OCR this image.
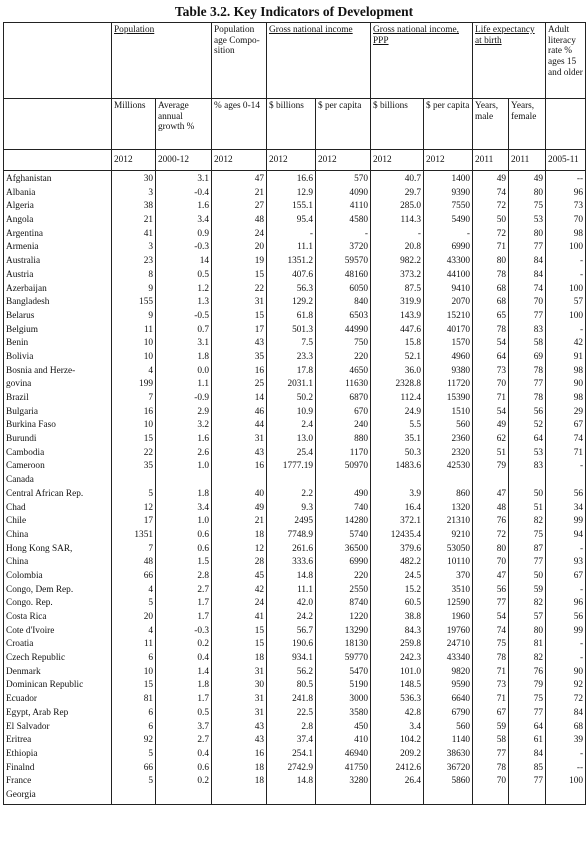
Table 3.2. Key Indicators of Development
	Population		Population age Compo-sition	Gross national income		Gross national income, PPP		Life expectancy at birth		Adult literacy rate % ages 15 and older
	Millions	Average annual growth %	% ages 0-14	$ billions	$ per capita	$ billions	$ per capita	Years, male	Years, female	
	2012	2000-12	2012	2012	2012	2012	2012	2011	2011	2005-11
Afghanistan	30	3.1	47	16.6	570	40.7	1400	49	49	--
Albania	3	-0.4	21	12.9	4090	29.7	9390	74	80	96
Algeria	38	1.6	27	155.1	4110	285.0	7550	72	75	73
Angola	21	3.4	48	95.4	4580	114.3	5490	50	53	70
Argentina	41	0.9	24	-	-	-	-	72	80	98
Armenia	3	-0.3	20	11.1	3720	20.8	6990	71	77	100
Australia	23	14	19	1351.2	59570	982.2	43300	80	84	-
Austria	8	0.5	15	407.6	48160	373.2	44100	78	84	-
Azerbaijan	9	1.2	22	56.3	6050	87.5	9410	68	74	100
Bangladesh	155	1.3	31	129.2	840	319.9	2070	68	70	57
Belarus	9	-0.5	15	61.8	6503	143.9	15210	65	77	100
Belgium	11	0.7	17	501.3	44990	447.6	40170	78	83	-
Benin	10	3.1	43	7.5	750	15.8	1570	54	58	42
Bolivia	10	1.8	35	23.3	220	52.1	4960	64	69	91
Bosnia and Herze-	4	0.0	16	17.8	4650	36.0	9380	73	78	98
govina	199	1.1	25	2031.1	11630	2328.8	11720	70	77	90
Brazil	7	-0.9	14	50.2	6870	112.4	15390	71	78	98
Bulgaria	16	2.9	46	10.9	670	24.9	1510	54	56	29
Burkina Faso	10	3.2	44	2.4	240	5.5	560	49	52	67
Burundi	15	1.6	31	13.0	880	35.1	2360	62	64	74
Cambodia	22	2.6	43	25.4	1170	50.3	2320	51	53	71
Cameroon	35	1.0	16	1777.19	50970	1483.6	42530	79	83	-
Canada										
Central African Rep.	5	1.8	40	2.2	490	3.9	860	47	50	56
Chad	12	3.4	49	9.3	740	16.4	1320	48	51	34
Chile	17	1.0	21	2495	14280	372.1	21310	76	82	99
China	1351	0.6	18	7748.9	5740	12435.4	9210	72	75	94
Hong Kong SAR,	7	0.6	12	261.6	36500	379.6	53050	80	87	-
China	48	1.5	28	333.6	6990	482.2	10110	70	77	93
Colombia	66	2.8	45	14.8	220	24.5	370	47	50	67
Congo, Dem Rep.	4	2.7	42	11.1	2550	15.2	3510	56	59	-
Congo. Rep.	5	1.7	24	42.0	8740	60.5	12590	77	82	96
Costa Rica	20	1.7	41	24.2	1220	38.8	1960	54	57	56
Cote d'Ivoire	4	-0.3	15	56.7	13290	84.3	19760	74	80	99
Croatia	11	0.2	15	190.6	18130	259.8	24710	75	81	-
Czech Republic	6	0.4	18	934.1	59770	242.3	43340	78	82	-
Denmark	10	1.4	31	56.2	5470	101.0	9820	71	76	90
Dominican Republic	15	1.8	30	80.5	5190	148.5	9590	73	79	92
Ecuador	81	1.7	31	241.8	3000	536.3	6640	71	75	72
Egypt, Arab Rep	6	0.5	31	22.5	3580	42.8	6790	67	77	84
El Salvador	6	3.7	43	2.8	450	3.4	560	59	64	68
Eritrea	92	2.7	43	37.4	410	104.2	1140	58	61	39
Ethiopia	5	0.4	16	254.1	46940	209.2	38630	77	84	-
Finalnd	66	0.6	18	2742.9	41750	2412.6	36720	78	85	--
France	5	0.2	18	14.8	3280	26.4	5860	70	77	100
Georgia										
